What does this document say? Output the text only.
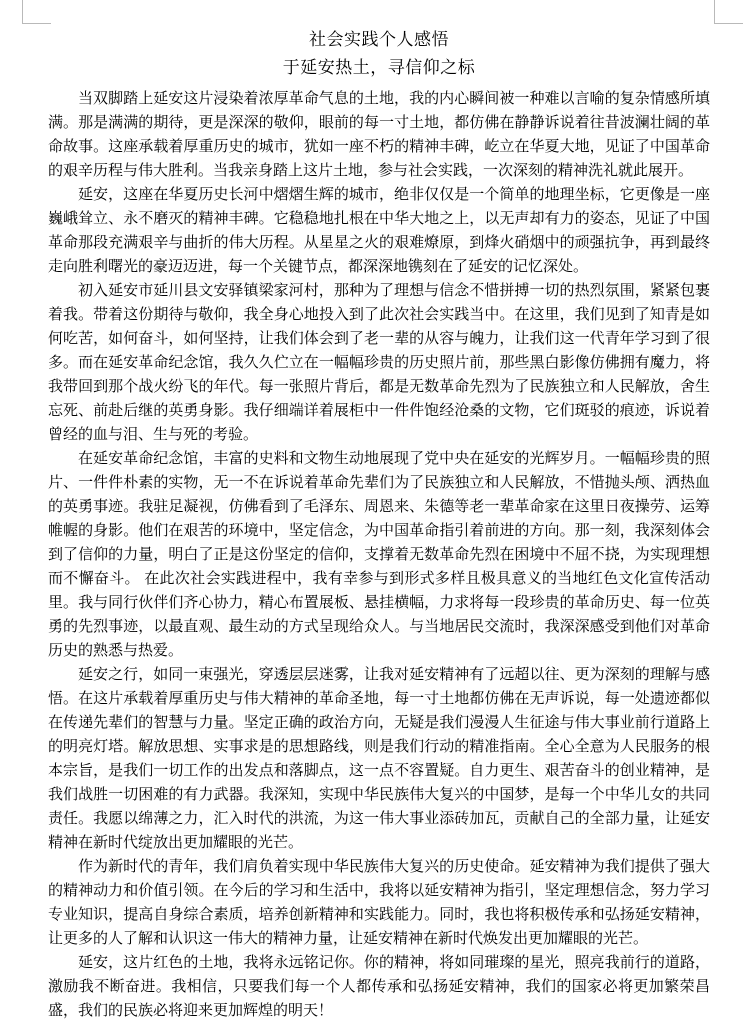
社会实践个人感悟
于延安热土，寻信仰之标

当双脚踏上延安这片浸染着浓厚革命气息的土地，我的内心瞬间被一种难以言喻的复杂情感所填满。那是满满的期待，更是深深的敬仰，眼前的每一寸土地，都仿佛在静静诉说着往昔波澜壮阔的革命故事。这座承载着厚重历史的城市，犹如一座不朽的精神丰碑，屹立在华夏大地，见证了中国革命的艰辛历程与伟大胜利。当我亲身踏上这片土地，参与社会实践，一次深刻的精神洗礼就此展开。

延安，这座在华夏历史长河中熠熠生辉的城市，绝非仅仅是一个简单的地理坐标，它更像是一座巍峨耸立、永不磨灭的精神丰碑。它稳稳地扎根在中华大地之上，以无声却有力的姿态，见证了中国革命那段充满艰辛与曲折的伟大历程。从星星之火的艰难燎原，到烽火硝烟中的顽强抗争，再到最终走向胜利曙光的豪迈迈进，每一个关键节点，都深深地镌刻在了延安的记忆深处。

初入延安市延川县文安驿镇梁家河村，那种为了理想与信念不惜拼搏一切的热烈氛围，紧紧包裹着我。带着这份期待与敬仰，我全身心地投入到了此次社会实践当中。在这里，我们见到了知青是如何吃苦，如何奋斗，如何坚持，让我们体会到了老一辈的从容与魄力，让我们这一代青年学习到了很多。而在延安革命纪念馆，我久久伫立在一幅幅珍贵的历史照片前，那些黑白影像仿佛拥有魔力，将我带回到那个战火纷飞的年代。每一张照片背后，都是无数革命先烈为了民族独立和人民解放，舍生忘死、前赴后继的英勇身影。我仔细端详着展柜中一件件饱经沧桑的文物，它们斑驳的痕迹，诉说着曾经的血与泪、生与死的考验。

在延安革命纪念馆，丰富的史料和文物生动地展现了党中央在延安的光辉岁月。一幅幅珍贵的照片、一件件朴素的实物，无一不在诉说着革命先辈们为了民族独立和人民解放，不惜抛头颅、洒热血的英勇事迹。我驻足凝视，仿佛看到了毛泽东、周恩来、朱德等老一辈革命家在这里日夜操劳、运筹帷幄的身影。他们在艰苦的环境中，坚定信念，为中国革命指引着前进的方向。那一刻，我深刻体会到了信仰的力量，明白了正是这份坚定的信仰，支撑着无数革命先烈在困境中不屈不挠，为实现理想而不懈奋斗。 在此次社会实践进程中，我有幸参与到形式多样且极具意义的当地红色文化宣传活动里。我与同行伙伴们齐心协力，精心布置展板、悬挂横幅，力求将每一段珍贵的革命历史、每一位英勇的先烈事迹，以最直观、最生动的方式呈现给众人。与当地居民交流时，我深深感受到他们对革命历史的熟悉与热爱。

延安之行，如同一束强光，穿透层层迷雾，让我对延安精神有了远超以往、更为深刻的理解与感悟。在这片承载着厚重历史与伟大精神的革命圣地，每一寸土地都仿佛在无声诉说，每一处遗迹都似在传递先辈们的智慧与力量。坚定正确的政治方向，无疑是我们漫漫人生征途与伟大事业前行道路上的明亮灯塔。解放思想、实事求是的思想路线，则是我们行动的精准指南。全心全意为人民服务的根本宗旨，是我们一切工作的出发点和落脚点，这一点不容置疑。自力更生、艰苦奋斗的创业精神，是我们战胜一切困难的有力武器。我深知，实现中华民族伟大复兴的中国梦，是每一个中华儿女的共同责任。我愿以绵薄之力，汇入时代的洪流，为这一伟大事业添砖加瓦，贡献自己的全部力量，让延安精神在新时代绽放出更加耀眼的光芒。

作为新时代的青年，我们肩负着实现中华民族伟大复兴的历史使命。延安精神为我们提供了强大的精神动力和价值引领。在今后的学习和生活中，我将以延安精神为指引，坚定理想信念，努力学习专业知识，提高自身综合素质，培养创新精神和实践能力。同时，我也将积极传承和弘扬延安精神，让更多的人了解和认识这一伟大的精神力量，让延安精神在新时代焕发出更加耀眼的光芒。

延安，这片红色的土地，我将永远铭记你。你的精神，将如同璀璨的星光，照亮我前行的道路，激励我不断奋进。我相信，只要我们每一个人都传承和弘扬延安精神，我们的国家必将更加繁荣昌盛，我们的民族必将迎来更加辉煌的明天！
